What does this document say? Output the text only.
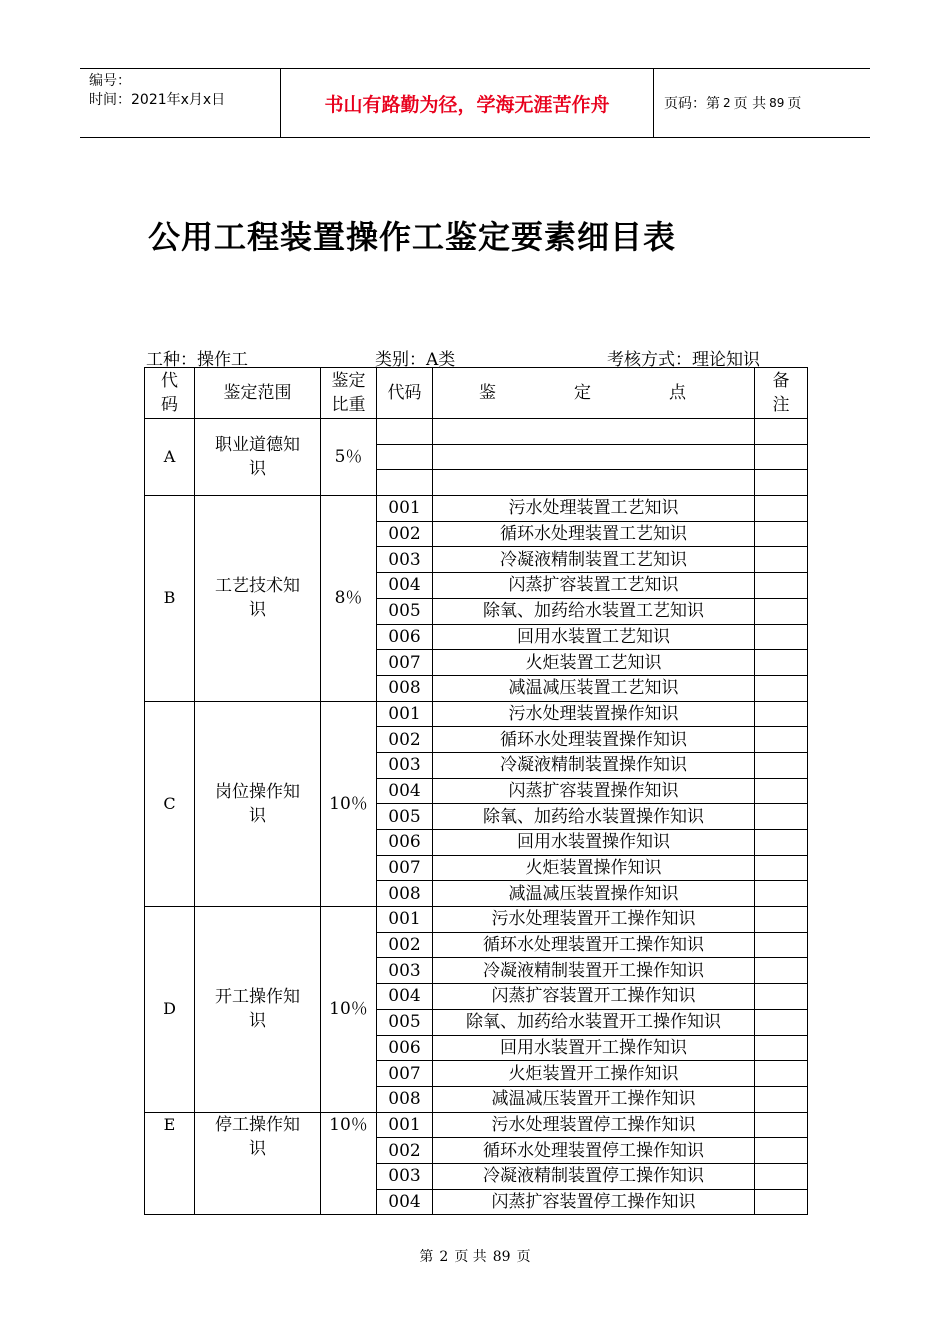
编号：
时间：2021年x月x日	书山有路勤为径，学海无涯苦作舟	页码：第 2 页 共 89 页
公用工程装置操作工鉴定要素细目表
工种：操作工	类别：A类	考核方式：理论知识
代码	鉴定范围	鉴定比重	代码	鉴 定 点	备注
A	职业道德知识	5％			

B	工艺技术知识	8％	001	污水处理装置工艺知识	
			002	循环水处理装置工艺知识	
			003	冷凝液精制装置工艺知识	
			004	闪蒸扩容装置工艺知识	
			005	除氧、加药给水装置工艺知识	
			006	回用水装置工艺知识	
			007	火炬装置工艺知识	
			008	减温减压装置工艺知识	
C	岗位操作知识	10％	001	污水处理装置操作知识	
			002	循环水处理装置操作知识	
			003	冷凝液精制装置操作知识	
			004	闪蒸扩容装置操作知识	
			005	除氧、加药给水装置操作知识	
			006	回用水装置操作知识	
			007	火炬装置操作知识	
			008	减温减压装置操作知识	
D	开工操作知识	10％	001	污水处理装置开工操作知识	
			002	循环水处理装置开工操作知识	
			003	冷凝液精制装置开工操作知识	
			004	闪蒸扩容装置开工操作知识	
			005	除氧、加药给水装置开工操作知识	
			006	回用水装置开工操作知识	
			007	火炬装置开工操作知识	
			008	减温减压装置开工操作知识	
E	停工操作知识	10％	001	污水处理装置停工操作知识	
			002	循环水处理装置停工操作知识	
			003	冷凝液精制装置停工操作知识	
			004	闪蒸扩容装置停工操作知识	
第 2 页 共 89 页
